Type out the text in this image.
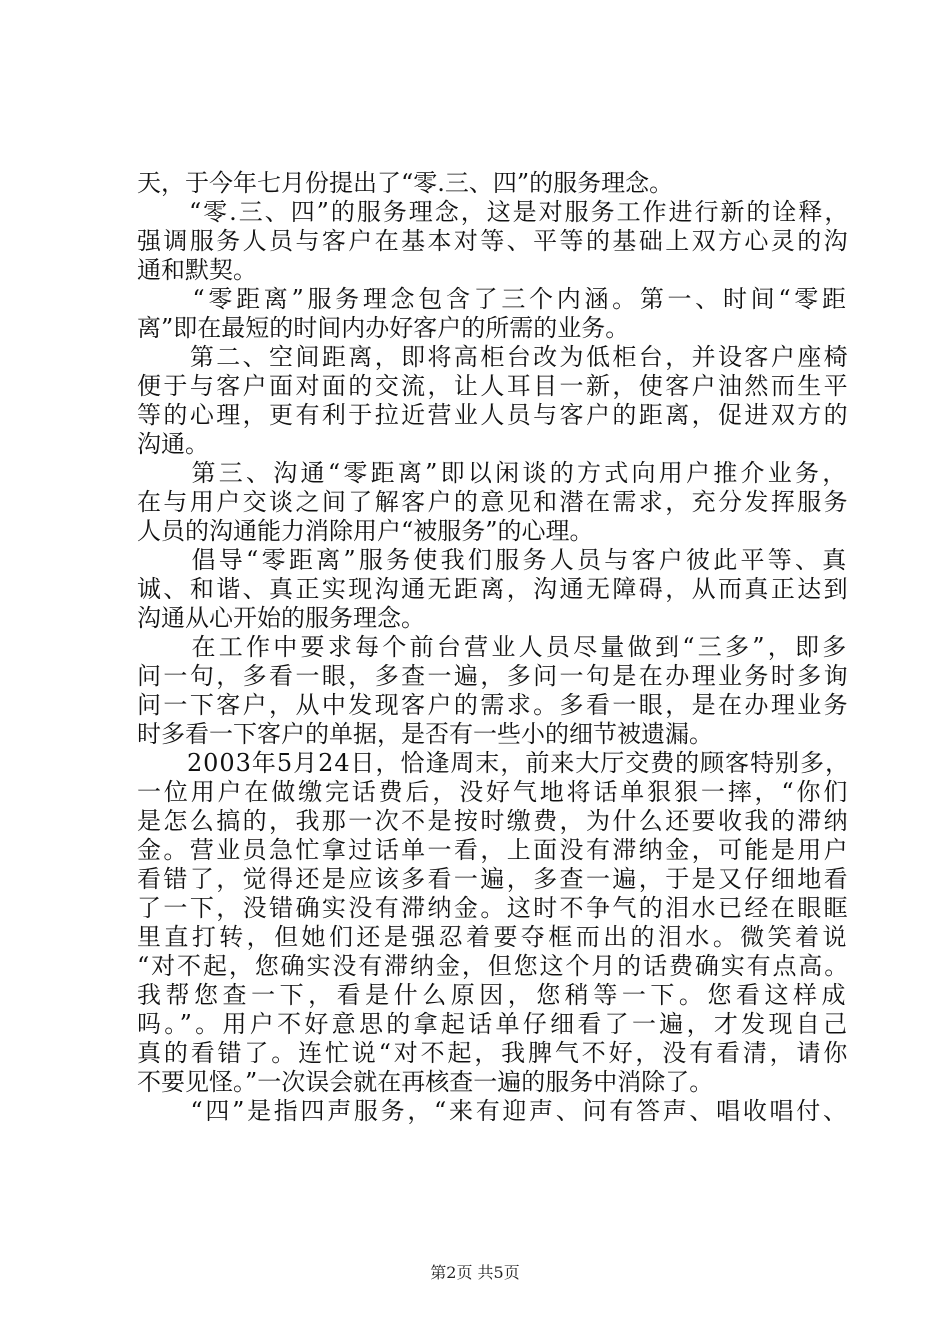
天，于今年七月份提出了“零.三、四”的服务理念。
　　“零.三、四”的服务理念，这是对服务工作进行新的诠释，
强调服务人员与客户在基本对等、平等的基础上双方心灵的沟
通和默契。
　　“零距离”服务理念包含了三个内涵。第一、时间“零距
离”即在最短的时间内办好客户的所需的业务。
　　第二、空间距离，即将高柜台改为低柜台，并设客户座椅
便于与客户面对面的交流，让人耳目一新，使客户油然而生平
等的心理，更有利于拉近营业人员与客户的距离，促进双方的
沟通。
　　第三、沟通“零距离”即以闲谈的方式向用户推介业务，
在与用户交谈之间了解客户的意见和潜在需求，充分发挥服务
人员的沟通能力消除用户“被服务”的心理。
　　倡导“零距离”服务使我们服务人员与客户彼此平等、真
诚、和谐、真正实现沟通无距离，沟通无障碍，从而真正达到
沟通从心开始的服务理念。
　　在工作中要求每个前台营业人员尽量做到“三多”，即多
问一句，多看一眼，多查一遍，多问一句是在办理业务时多询
问一下客户，从中发现客户的需求。多看一眼，是在办理业务
时多看一下客户的单据，是否有一些小的细节被遗漏。
　　2003年5月24日，恰逢周末，前来大厅交费的顾客特别多，
一位用户在做缴完话费后，没好气地将话单狠狠一摔，“你们
是怎么搞的，我那一次不是按时缴费，为什么还要收我的滞纳
金。营业员急忙拿过话单一看，上面没有滞纳金，可能是用户
看错了，觉得还是应该多看一遍，多查一遍，于是又仔细地看
了一下，没错确实没有滞纳金。这时不争气的泪水已经在眼眶
里直打转，但她们还是强忍着要夺框而出的泪水。微笑着说
“对不起，您确实没有滞纳金，但您这个月的话费确实有点高。
我帮您查一下，看是什么原因，您稍等一下。您看这样成
吗。”。用户不好意思的拿起话单仔细看了一遍，才发现自己
真的看错了。连忙说“对不起，我脾气不好，没有看清，请你
不要见怪。”一次误会就在再核查一遍的服务中消除了。
　　“四”是指四声服务，“来有迎声、问有答声、唱收唱付、
第2页 共5页
